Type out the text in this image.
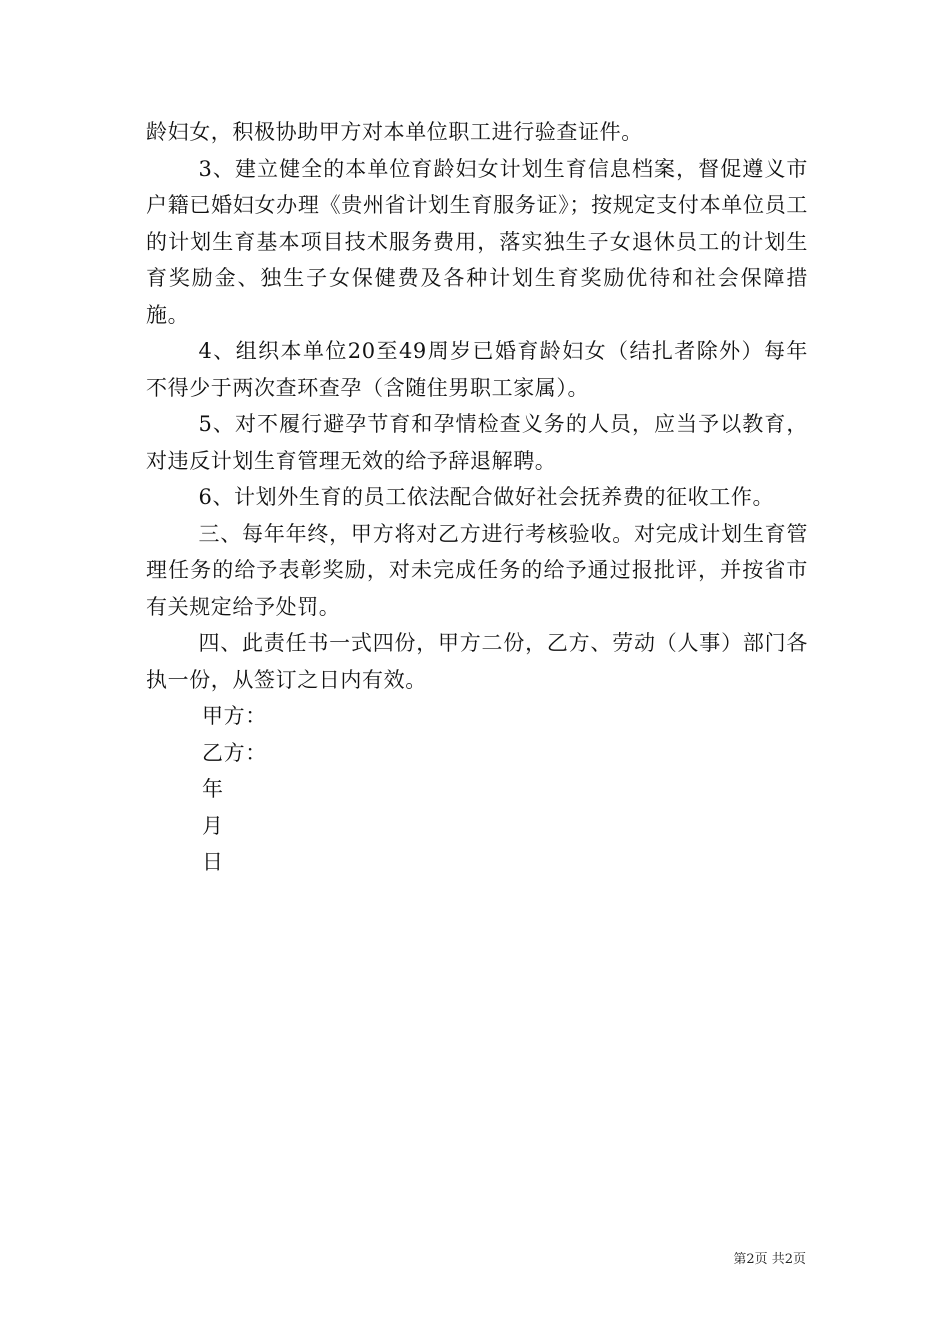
龄妇女，积极协助甲方对本单位职工进行验查证件。

3、建立健全的本单位育龄妇女计划生育信息档案，督促遵义市户籍已婚妇女办理《贵州省计划生育服务证》；按规定支付本单位员工的计划生育基本项目技术服务费用，落实独生子女退休员工的计划生育奖励金、独生子女保健费及各种计划生育奖励优待和社会保障措施。

4、组织本单位20至49周岁已婚育龄妇女（结扎者除外）每年不得少于两次查环查孕（含随住男职工家属）。

5、对不履行避孕节育和孕情检查义务的人员，应当予以教育，对违反计划生育管理无效的给予辞退解聘。

6、计划外生育的员工依法配合做好社会抚养费的征收工作。

三、每年年终，甲方将对乙方进行考核验收。对完成计划生育管理任务的给予表彰奖励，对未完成任务的给予通过报批评，并按省市有关规定给予处罚。

四、此责任书一式四份，甲方二份，乙方、劳动（人事）部门各执一份，从签订之日内有效。

甲方：

乙方：

年

月

日

第2页 共2页
